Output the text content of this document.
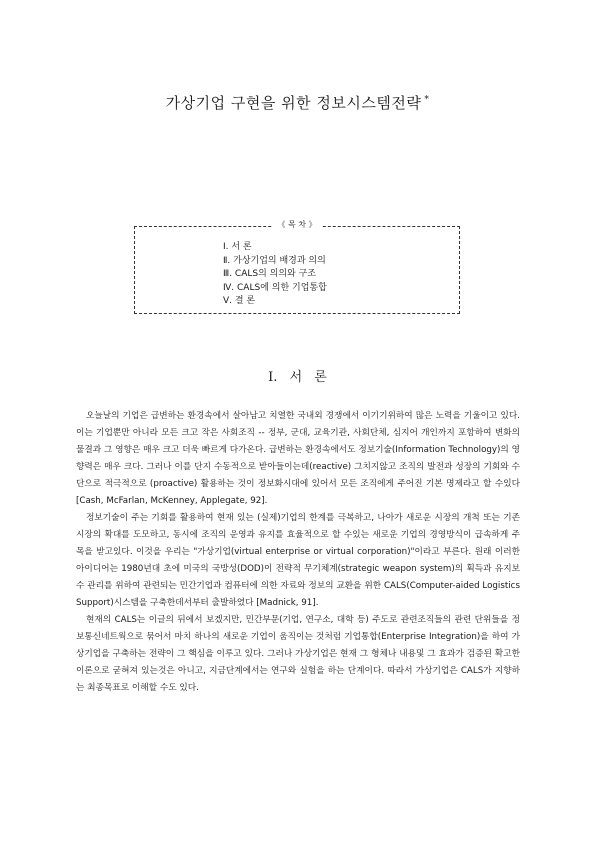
가상기업 구현을 위한 정보시스템전략 *
《 목 차 》
Ⅰ. 서 론
Ⅱ. 가상기업의 배경과 의의
Ⅲ. CALS의 의의와 구조
Ⅳ. CALS에 의한 기업통합
Ⅴ. 결 론
Ⅰ. 서 론

오늘날의 기업은 급변하는 환경속에서 살아남고 치열한 국내외 경쟁에서 이기기위하여 많은 노력을 기울이고 있다. 이는 기업뿐만 아니라 모든 크고 작은 사회조직 -- 정부, 군대, 교육기관, 사회단체, 심지어 개인까지 포함하여 변화의 물결과 그 영향은 매우 크고 더욱 빠르게 다가온다. 급변하는 환경속에서도 정보기술(Information Technology)의 영향력은 매우 크다. 그러나 이를 단지 수동적으로 받아들이는데(reactive) 그치지않고 조직의 발전과 성장의 기회와 수단으로 적극적으로 (proactive) 활용하는 것이 정보화시대에 있어서 모든 조직에게 주어진 기본 명제라고 할 수있다 [Cash, McFarlan, McKenney, Applegate, 92].

정보기술이 주는 기회를 활용하여 현재 있는 (실제)기업의 한계를 극복하고, 나아가 새로운 시장의 개척 또는 기존시장의 확대를 도모하고, 동시에 조직의 운영과 유지를 효율적으로 할 수있는 새로운 기업의 경영방식이 급속하게 주목을 받고있다. 이것을 우리는 "가상기업(virtual enterprise or virtual corporation)"이라고 부른다. 원래 이러한 아이디어는 1980년대 초에 미국의 국방성(DOD)이 전략적 무기체계(strategic weapon system)의 획득과 유지보수 관리를 위하여 관련되는 민간기업과 컴퓨터에 의한 자료와 정보의 교환을 위한 CALS(Computer-aided Logistics Support)시스템을 구축한데서부터 출발하였다 [Madnick, 91].

현재의 CALS는 이글의 뒤에서 보겠지만, 민간부문(기업, 연구소, 대학 등) 주도로 관련조직들의 관련 단위들을 정보통신네트웍으로 묶어서 마치 하나의 새로운 기업이 움직이는 것처럼 기업통합(Enterprise Integration)을 하여 가상기업을 구축하는 전략이 그 핵심을 이루고 있다. 그러나 가상기업은 현재 그 형체나 내용및 그 효과가 검증된 확고한 이론으로 굳혀져 있는것은 아니고, 지금단계에서는 연구와 실험을 하는 단계이다. 따라서 가상기업은 CALS가 지향하는 최종목표로 이해할 수도 있다.
